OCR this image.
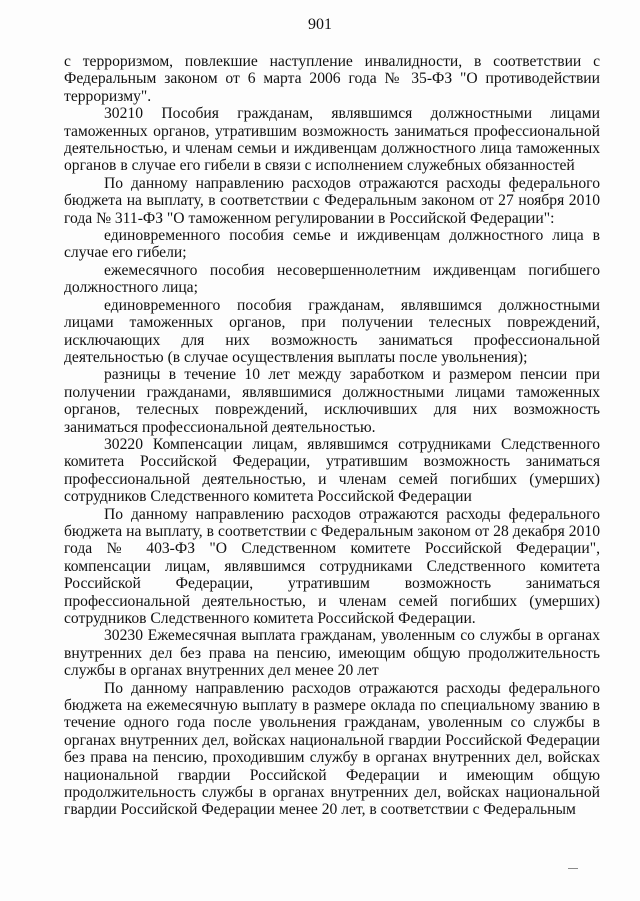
901

с терроризмом, повлекшие наступление инвалидности, в соответствии с Федеральным законом от 6 марта 2006 года № 35-ФЗ "О противодействии терроризму".

30210 Пособия гражданам, являвшимся должностными лицами таможенных органов, утратившим возможность заниматься профессиональной деятельностью, и членам семьи и иждивенцам должностного лица таможенных органов в случае его гибели в связи с исполнением служебных обязанностей

По данному направлению расходов отражаются расходы федерального бюджета на выплату, в соответствии с Федеральным законом от 27 ноября 2010 года № 311-ФЗ "О таможенном регулировании в Российской Федерации":

единовременного пособия семье и иждивенцам должностного лица в случае его гибели;

ежемесячного пособия несовершеннолетним иждивенцам погибшего должностного лица;

единовременного пособия гражданам, являвшимся должностными лицами таможенных органов, при получении телесных повреждений, исключающих для них возможность заниматься профессиональной деятельностью (в случае осуществления выплаты после увольнения);

разницы в течение 10 лет между заработком и размером пенсии при получении гражданами, являвшимися должностными лицами таможенных органов, телесных повреждений, исключивших для них возможность заниматься профессиональной деятельностью.

30220 Компенсации лицам, являвшимся сотрудниками Следственного комитета Российской Федерации, утратившим возможность заниматься профессиональной деятельностью, и членам семей погибших (умерших) сотрудников Следственного комитета Российской Федерации

По данному направлению расходов отражаются расходы федерального бюджета на выплату, в соответствии с Федеральным законом от 28 декабря 2010 года № 403-ФЗ "О Следственном комитете Российской Федерации", компенсации лицам, являвшимся сотрудниками Следственного комитета Российской Федерации, утратившим возможность заниматься профессиональной деятельностью, и членам семей погибших (умерших) сотрудников Следственного комитета Российской Федерации.

30230 Ежемесячная выплата гражданам, уволенным со службы в органах внутренних дел без права на пенсию, имеющим общую продолжительность службы в органах внутренних дел менее 20 лет

По данному направлению расходов отражаются расходы федерального бюджета на ежемесячную выплату в размере оклада по специальному званию в течение одного года после увольнения гражданам, уволенным со службы в органах внутренних дел, войсках национальной гвардии Российской Федерации без права на пенсию, проходившим службу в органах внутренних дел, войсках национальной гвардии Российской Федерации и имеющим общую продолжительность службы в органах внутренних дел, войсках национальной гвардии Российской Федерации менее 20 лет, в соответствии с Федеральным
